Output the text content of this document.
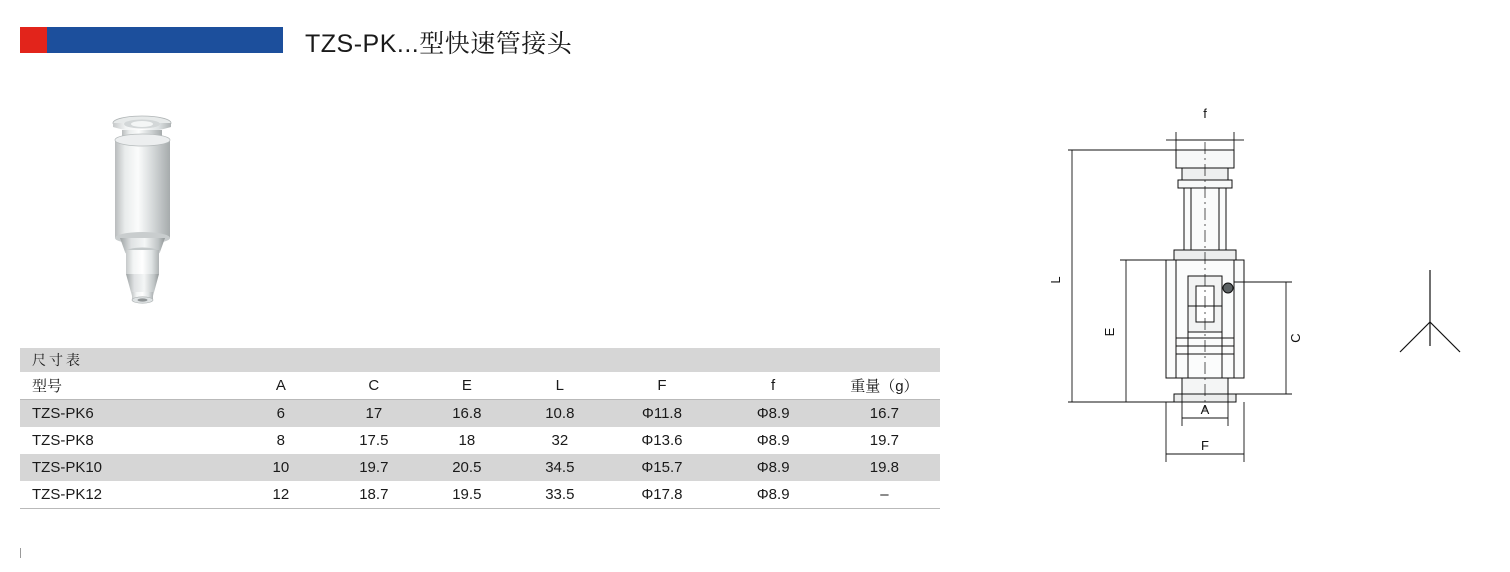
TZS-PK...型快速管接头
尺寸表							
型号	A	C	E	L	F	f	重量（g）
TZS-PK6	6	17	16.8	10.8	Φ11.8	Φ8.9	16.7
TZS-PK8	8	17.5	18	32	Φ13.6	Φ8.9	19.7
TZS-PK10	10	19.7	20.5	34.5	Φ15.7	Φ8.9	19.8
TZS-PK12	12	18.7	19.5	33.5	Φ17.8	Φ8.9	–
f
L
E
C
A
F
